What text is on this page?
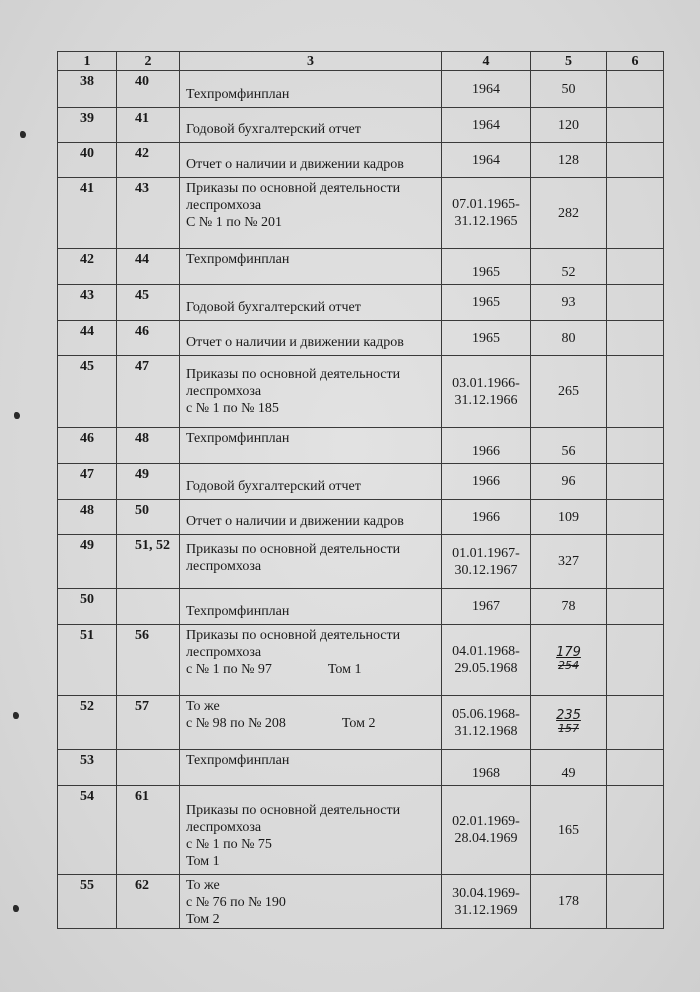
1	2	3	4	5	6
38	40	Техпромфинплан	1964	50	
39	41	Годовой бухгалтерский отчет	1964	120	
40	42	Отчет о наличии и движении кадров	1964	128	
41	43	Приказы по основной деятельности
леспромхоза
С № 1 по № 201	07.01.1965-
31.12.1965	282	
42	44	Техпромфинплан	1965	52	
43	45	Годовой бухгалтерский отчет	1965	93	
44	46	Отчет о наличии и движении кадров	1965	80	
45	47	Приказы по основной деятельности
леспромхоза
с № 1 по № 185	03.01.1966-
31.12.1966	265	
46	48	Техпромфинплан	1966	56	
47	49	Годовой бухгалтерский отчет	1966	96	
48	50	Отчет о наличии и движении кадров	1966	109	
49	51, 52	Приказы по основной деятельности
леспромхоза	01.01.1967-
30.12.1967	327	
50		Техпромфинплан	1967	78	
51	56	Приказы по основной деятельности
леспромхоза
с № 1 по № 97 Том 1	04.01.1968-
29.05.1968	179
254	

52	57	То же
с № 98 по № 208 Том 2	05.06.1968-
31.12.1968	235
157	

53		Техпромфинплан	1968	49	
54	61	Приказы по основной деятельности
леспромхоза
с № 1 по № 75
Том 1	02.01.1969-
28.04.1969	165	
55	62	То же
с № 76 по № 190
Том 2	30.04.1969-
31.12.1969	178	
